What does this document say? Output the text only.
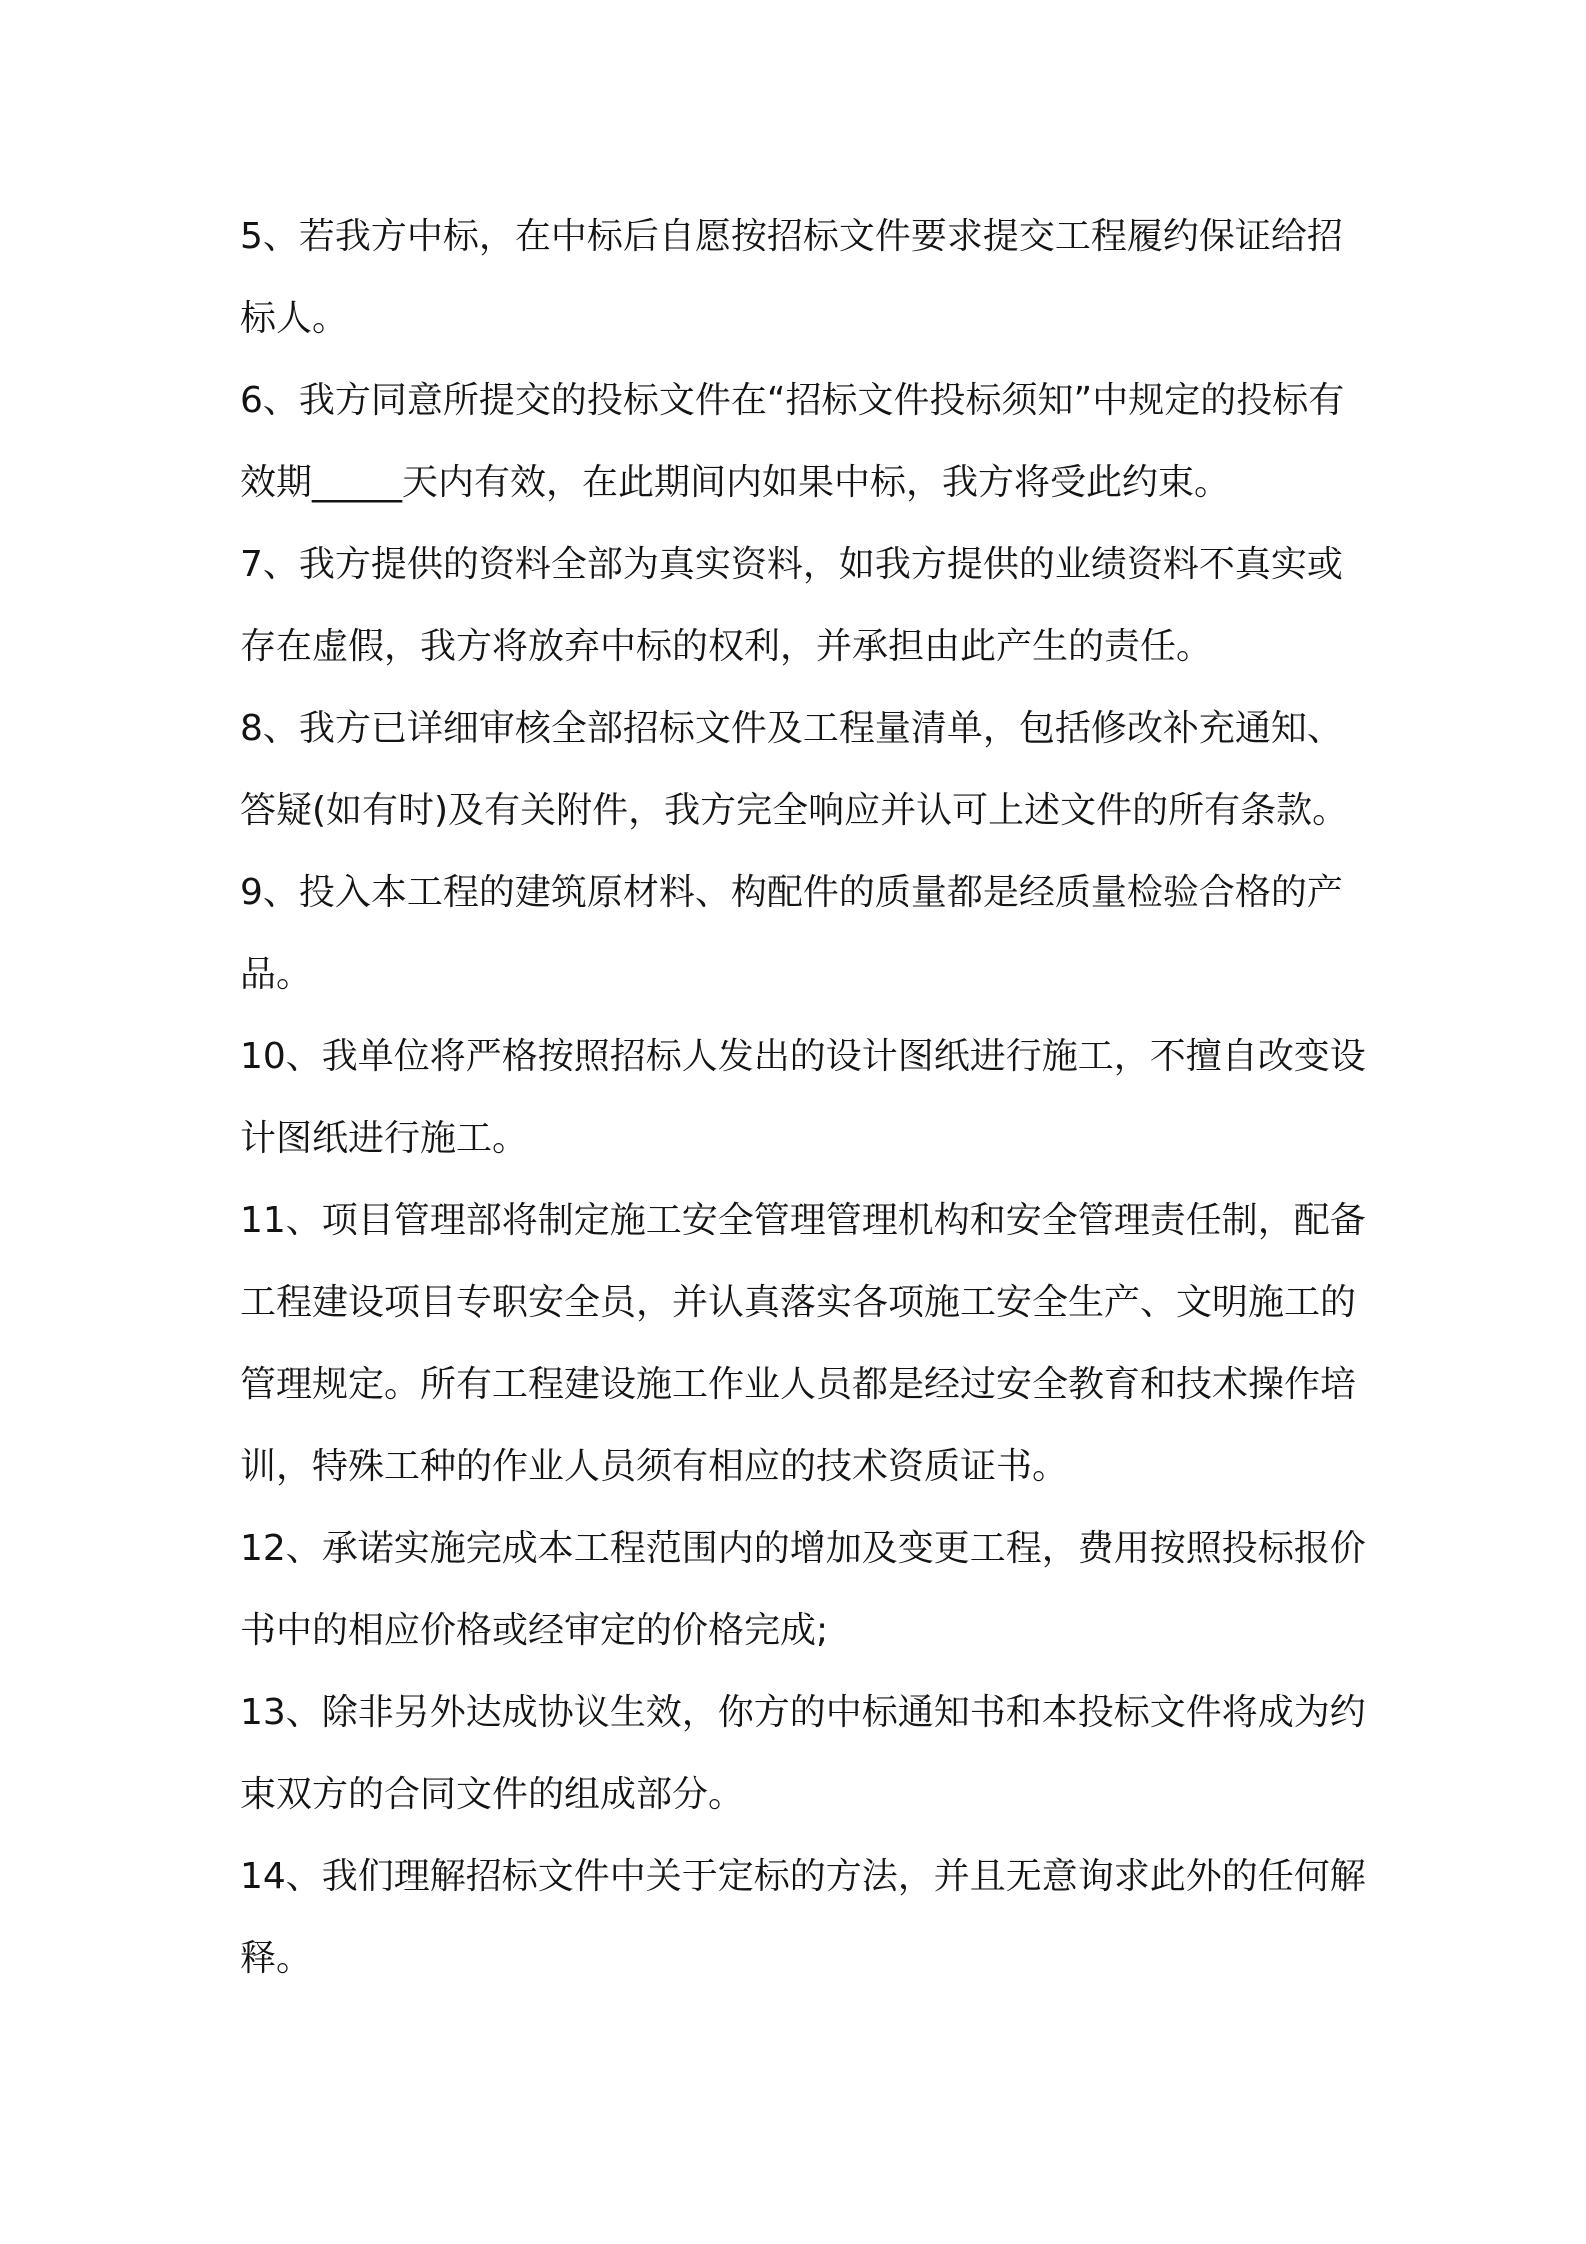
5、若我方中标，在中标后自愿按招标文件要求提交工程履约保证给招标人。

6、我方同意所提交的投标文件在“招标文件投标须知”中规定的投标有效期_____天内有效，在此期间内如果中标，我方将受此约束。

7、我方提供的资料全部为真实资料，如我方提供的业绩资料不真实或存在虚假，我方将放弃中标的权利，并承担由此产生的责任。

8、我方已详细审核全部招标文件及工程量清单，包括修改补充通知、答疑(如有时)及有关附件，我方完全响应并认可上述文件的所有条款。

9、投入本工程的建筑原材料、构配件的质量都是经质量检验合格的产品。

10、我单位将严格按照招标人发出的设计图纸进行施工，不擅自改变设计图纸进行施工。

11、项目管理部将制定施工安全管理管理机构和安全管理责任制，配备工程建设项目专职安全员，并认真落实各项施工安全生产、文明施工的管理规定。所有工程建设施工作业人员都是经过安全教育和技术操作培训，特殊工种的作业人员须有相应的技术资质证书。

12、承诺实施完成本工程范围内的增加及变更工程，费用按照投标报价书中的相应价格或经审定的价格完成;

13、除非另外达成协议生效，你方的中标通知书和本投标文件将成为约束双方的合同文件的组成部分。

14、我们理解招标文件中关于定标的方法，并且无意询求此外的任何解释。
